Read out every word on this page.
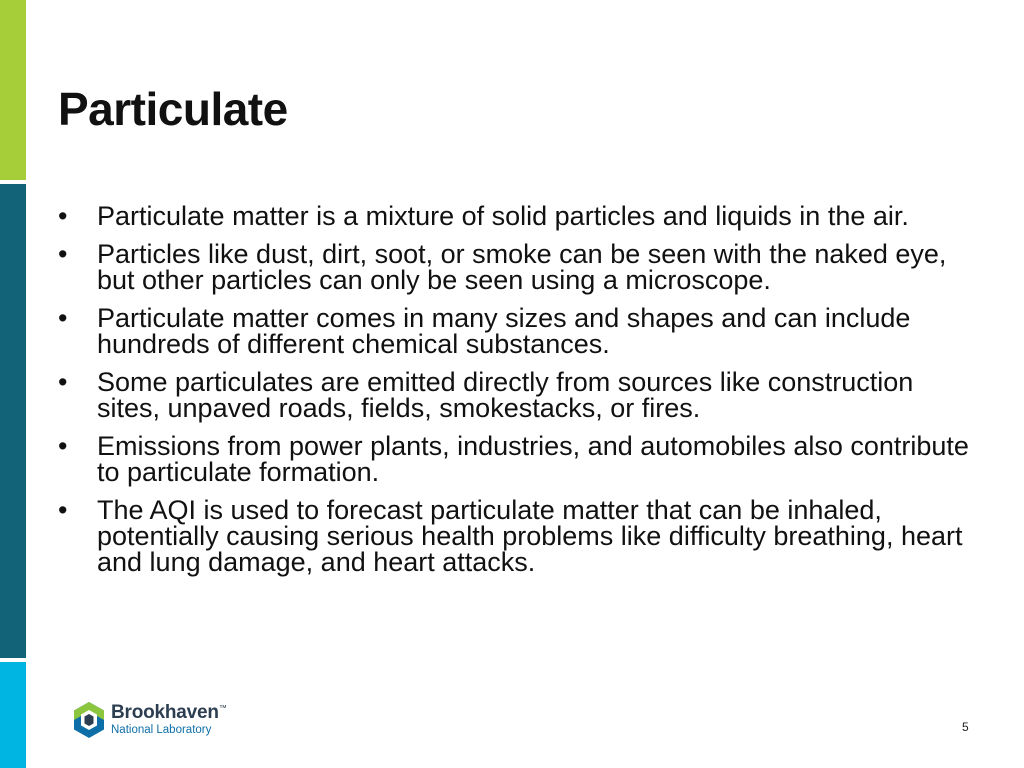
Particulate
• Particulate matter is a mixture of solid particles and liquids in the air.
• Particles like dust, dirt, soot, or smoke can be seen with the naked eye, but other particles can only be seen using a microscope.
• Particulate matter comes in many sizes and shapes and can include hundreds of different chemical substances.
• Some particulates are emitted directly from sources like construction sites, unpaved roads, fields, smokestacks, or fires.
• Emissions from power plants, industries, and automobiles also contribute to particulate formation.
• The AQI is used to forecast particulate matter that can be inhaled, potentially causing serious health problems like difficulty breathing, heart and lung damage, and heart attacks.
Brookhaven™
National Laboratory	5
